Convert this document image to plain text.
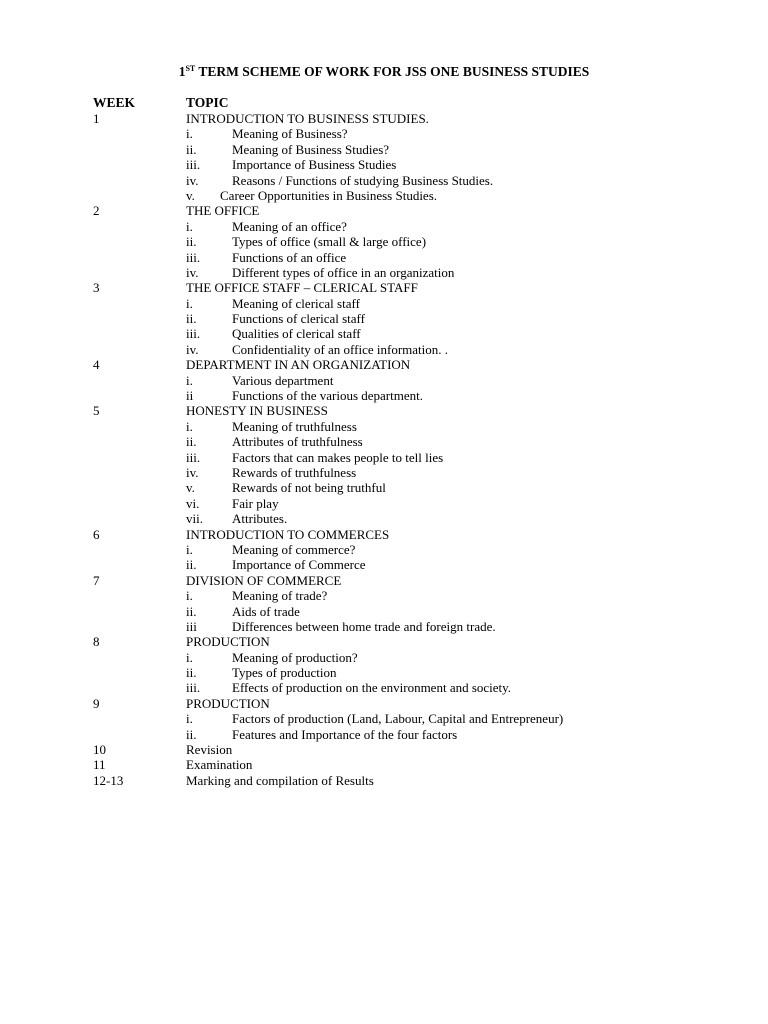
1ST TERM SCHEME OF WORK FOR JSS ONE BUSINESS STUDIES
WEEK	TOPIC
1	INTRODUCTION TO BUSINESS STUDIES.
i.	Meaning of Business?
ii.	Meaning of Business Studies?
iii. Importance of Business Studies
iv.	Reasons / Functions of studying Business Studies.
v. Career Opportunities in Business Studies.
2	THE OFFICE
i.	Meaning of an office?
ii.	Types of office (small & large office)
iii. Functions of an office
iv.	Different types of office in an organization
3	THE OFFICE STAFF – CLERICAL STAFF
i.	Meaning of clerical staff
ii.	Functions of clerical staff
iii. Qualities of clerical staff
iv.	Confidentiality of an office information. .
4	DEPARTMENT IN AN ORGANIZATION
i.	Various department
ii	Functions of the various department.
5	HONESTY IN BUSINESS
i.	Meaning of truthfulness
ii.	Attributes of truthfulness
iii. Factors that can makes people to tell lies
iv.	Rewards of truthfulness
v.	Rewards of not being truthful
vi.	Fair play
vii. Attributes.
6	INTRODUCTION TO COMMERCES
i.	Meaning of commerce?
ii.	Importance of Commerce
7	DIVISION OF COMMERCE
i.	Meaning of trade?
ii.	Aids of trade
iii	Differences between home trade and foreign trade.
8	PRODUCTION
i.	Meaning of production?
ii.	Types of production
iii. Effects of production on the environment and society.
9	PRODUCTION
i.	Factors of production (Land, Labour, Capital and Entrepreneur)
ii.	Features and Importance of the four factors
10	Revision
11	Examination
12-13	Marking and compilation of Results
